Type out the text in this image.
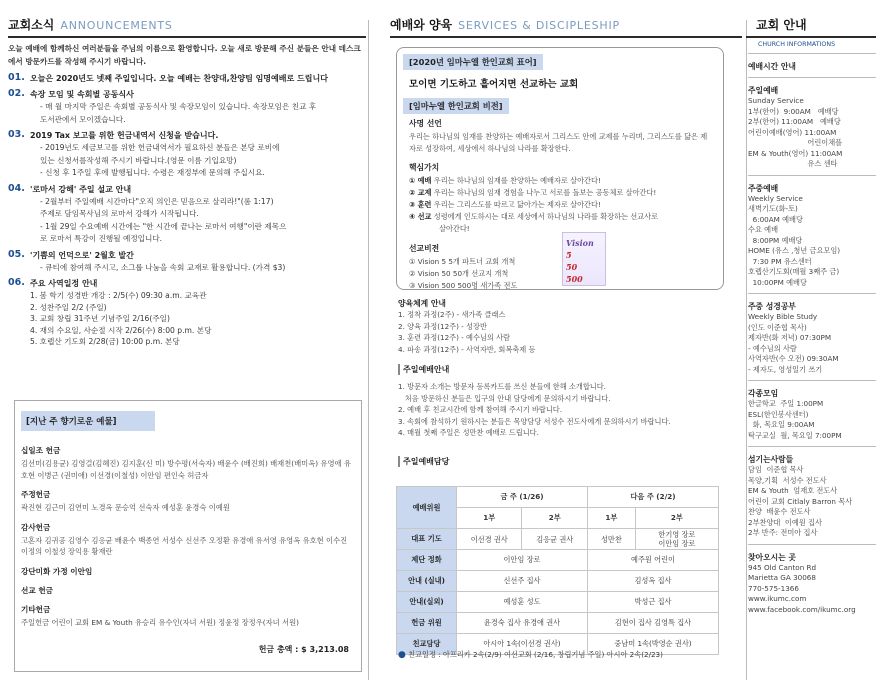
교회소식 ANNOUNCEMENTS
오늘 예배에 함께하신 여러분들을 주님의 이름으로 환영합니다. 오늘 새로 방문해 주신 분들은 안내 데스크에서 방문카드를 작성해 주시기 바랍니다.
01. 오늘은 2020년도 넷째 주일입니다. 오늘 예배는 찬양대,찬양팀 임명예배로 드립니다
02. 속장 모임 및 속회별 공동식사
- 매 월 마지막 주일은 속회별 공동식사 및 속장모임이 있습니다. 속장모임은 친교 후
도서관에서 모이겠습니다.
03. 2019 Tax 보고를 위한 헌금내역서 신청을 받습니다.
- 2019년도 세금보고를 위한 헌금내역서가 필요하신 분들은 본당 로비에
있는 신청서를작성해 주시기 바랍니다.(영문 이름 기입요망)
- 신청 후 1주일 후에 발행됩니다. 수령은 재정부에 문의해 주십시요.
04. '로마서 강해' 주일 설교 안내
- 2월부터 주일예배 시간마다"오직 의인은 믿음으로 살리라!"(롬 1:17)
주제로 담임목사님의 로마서 강해가 시작됩니다.
- 1월 29일 수요예배 시간에는 "한 시간에 끝나는 로마서 여행"이란 제목으
로 로마서 특강이 진행될 예정입니다.
05. '기쁨의 언덕으로' 2월호 발간
- 큐티에 참여해 주시고, 소그룹 나눔을 속회 교재로 활용합니다. (가격 $3)
06. 주요 사역일정 안내
1. 봄 학기 성경반 개강 : 2/5(수) 09:30 a.m. 교육관
2. 성찬주일 2/2 (주일)
3. 교회 창립 31주년 기념주일 2/16(주일)
4. 재의 수요일, 사순절 시작 2/26(수) 8:00 p.m. 본당
5. 호렙산 기도회 2/28(금) 10:00 p.m. 본당
[지난 주 향기로운 예물]
십일조 헌금
김선미(김용균) 김영걸(김혜진) 김지훈(신 미) 방수평(서숙자) 배윤수 (배진희) 배재천(배미옥) 유영애 유호현 이병근 (권미애) 이선경(이철성) 이안임 편인숙 허금자
주정헌금
곽진현 김근미 김연미 노경옥 문승억 선숙자 예성훈 윤경숙 이예원
감사헌금
고혼자 김귀공 김영수 김응균 배윤수 백종연 서성수 신선주 오정환 유경애 유서영 유영옥 유호현 이수진 이정의 이철성 장익용 황재란
강단미화 가정 이안임
선교 헌금
기타헌금
주일헌금 어린이 교회 EM & Youth 유승리 유수인(자녀 서원) 정윤정 장정우(자녀 서원)
헌금 총액 : $ 3,213.08
예배와 양육 SERVICES & DISCIPLESHIP
[2020년 임마누엘 한인교회 표어]
모이면 기도하고 흩어지면 선교하는 교회
[임마누엘 한인교회 비전]
사명 선언
우리는 하나님의 임재를 찬양하는 예배자로서 그리스도 안에 교제를 누리며, 그리스도를 닮은 제자로 성장하여, 세상에서 하나님의 나라를 확장한다.
핵심가치
① 예배 우리는 하나님의 임재를 찬양하는 예배자로 살아간다!
② 교제 우리는 하나님의 임재 경험을 나누고 서로를 돌보는 공동체로 살아간다!
③ 훈련 우리는 그리스도를 따르고 닮아가는 제자로 살아간다!
④ 선교 성령에게 인도하시는 대로 세상에서 하나님의 나라를 확장하는 선교사로
살아간다!
선교비전
① Vision 5 5개 파트너 교회 개척
② Vision 50 50개 선교지 개척
③ Vision 500 500명 새가족 전도
Vision
5
50
500
양육체계 안내
1. 정착 과정(2주) - 새가족 클래스
2. 양육 과정(12주) - 성장반
3. 훈련 과정(12주) - 예수님의 사람
4. 파송 과정(12주) - 사역자반, 회복축제 등
주일예배안내
1. 방문자 소개는 방문자 등록카드를 쓰신 분들에 한해 소개합니다.
처음 방문하신 분들은 입구의 안내 담당에게 문의하시기 바랍니다.
2. 예배 후 친교시간에 함께 참여해 주시기 바랍니다.
3. 속회에 참석하기 원하시는 분들은 목양담당 서성수 전도사에게 문의하시기 바랍니다.
4. 매월 첫째 주일은 성만찬 예배로 드립니다.
주일예배담당
예배위원	금 주 (1/26)		다음 주 (2/2)	
	1부	2부	1부	2부
대표 기도	이선경 권사	김응균 권사	성만찬	한기영 장로
이안임 장로
제단 정화	이안임 장로		예주원 어린이	
안내 (실내)	신선주 집사		김성옥 집사	
안내(실외)	예성훈 성도		박성근 집사	
헌금 위원	윤경숙 집사 유경애 권사		김현이 집사 김영특 집사	
친교담당	아시아 1속(이선경 권사)		중남미 1속(박영순 권사)	
● 친교일정 : 아프리카 2속(2/9) 여선교회 (2/16, 창립기념 주일) 아시아 2속(2/23)
교회 안내
CHURCH INFORMATIONS
예배시간 안내
주일예배
Sunday Service
1부(한어)  9:00AM   예배당
2부(한어) 11:00AM   예배당
어린이예배(영어) 11:00AM
어린이채플
EM & Youth(영어) 11:00AM
유스 센타
주중예배
Weekly Service
새벽기도(화-토)
6:00AM 예배당
수요 예배
8:00PM 예배당
HOME (유스 ,청년 금요모임)
7:30 PM 유스센터
호렙산기도회(매월 3째주 금)
10:00PM 예배당
주중 성경공부
Weekly Bible Study
(인도 이준협 목사)
제자반(화 저녁) 07:30PM
- 예수님의 사람
사역자반(수 오전) 09:30AM
- 제자도, 영성일기 쓰기
각종모임
한글학교  주일 1:00PM
ESL(한인봉사센터)
화, 목요일 9:00AM
탁구교실  월, 목요일 7:00PM
섬기는사람들
담임  이준협 목사
목양,기획  서성수 전도사
EM & Youth  엄재호 전도사
어린이 교회 Citlaly Barron 목사
찬양  배윤수 전도사
2부찬양대  이예원 집사
2부 반주: 전미아 집사
찾아오시는 곳
945 Old Canton Rd
Marietta GA 30068
770-575-1366
www.ikumc.com
www.facebook.com/ikumc.org
